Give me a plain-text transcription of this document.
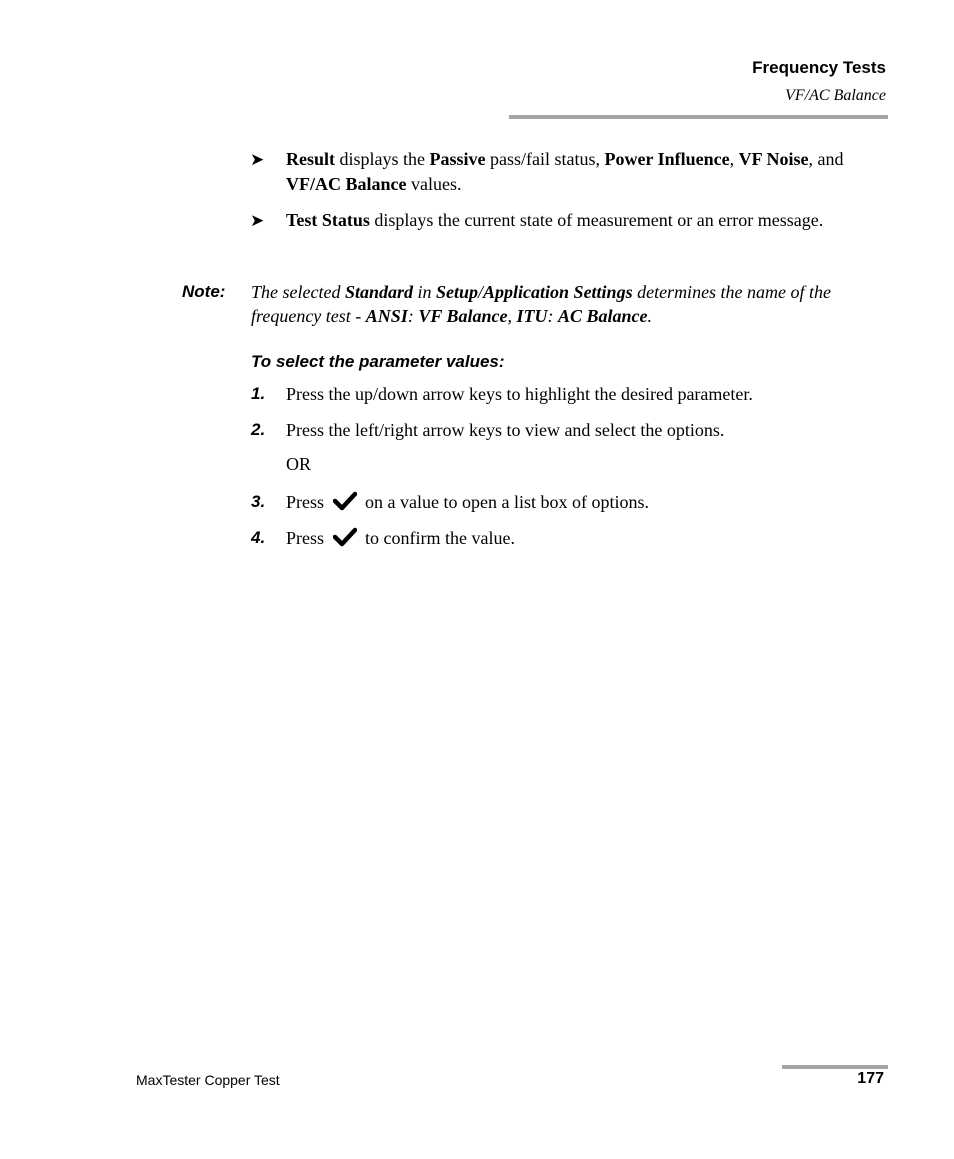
Frequency Tests
VF/AC Balance
➤ Result displays the Passive pass/fail status, Power Influence, VF Noise, and VF/AC Balance values.
➤ Test Status displays the current state of measurement or an error message.
Note: The selected Standard in Setup/Application Settings determines the name of the frequency test - ANSI: VF Balance, ITU: AC Balance.
To select the parameter values:
1. Press the up/down arrow keys to highlight the desired parameter.
2. Press the left/right arrow keys to view and select the options.
OR
3. Press on a value to open a list box of options.
4. Press to confirm the value.
MaxTester Copper Test	177
